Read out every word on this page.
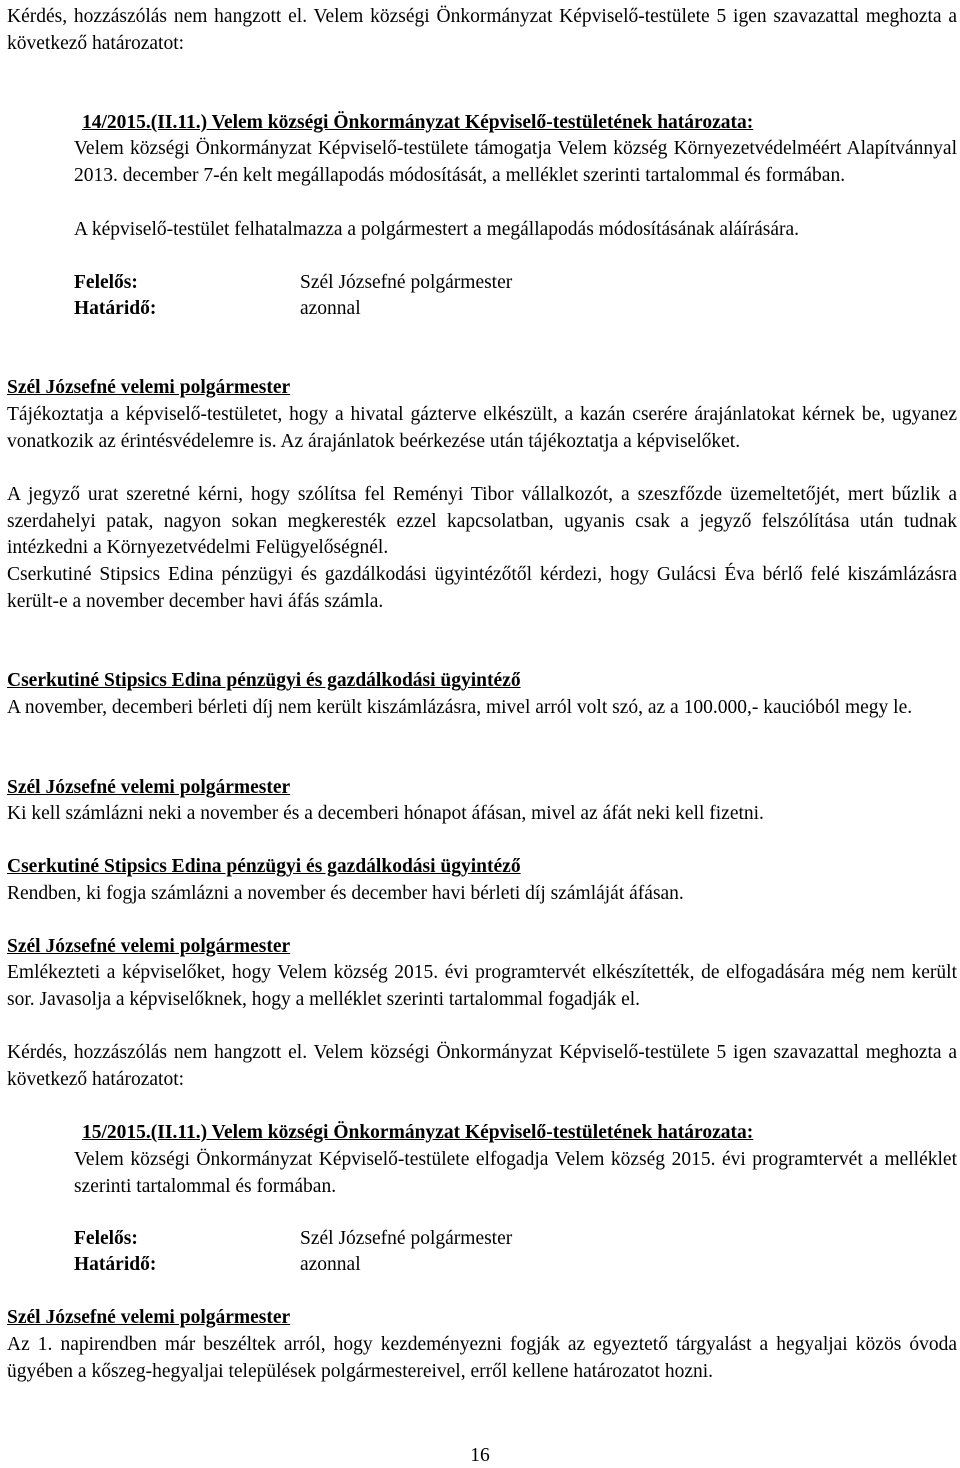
Kérdés, hozzászólás nem hangzott el. Velem községi Önkormányzat Képviselő-testülete 5 igen szavazattal meghozta a következő határozatot:

14/2015.(II.11.) Velem községi Önkormányzat Képviselő-testületének határozata:

Velem községi Önkormányzat Képviselő-testülete támogatja Velem község Környezetvédelméért Alapítvánnyal 2013. december 7-én kelt megállapodás módosítását, a melléklet szerinti tartalommal és formában.

A képviselő-testület felhatalmazza a polgármestert a megállapodás módosításának aláírására.

Felelős:	Szél Józsefné polgármester

Határidő:	azonnal

Szél Józsefné velemi polgármester

Tájékoztatja a képviselő-testületet, hogy a hivatal gázterve elkészült, a kazán cserére árajánlatokat kérnek be, ugyanez vonatkozik az érintésvédelemre is. Az árajánlatok beérkezése után tájékoztatja a képviselőket.

A jegyző urat szeretné kérni, hogy szólítsa fel Reményi Tibor vállalkozót, a szeszfőzde üzemeltetőjét, mert bűzlik a szerdahelyi patak, nagyon sokan megkeresték ezzel kapcsolatban, ugyanis csak a jegyző felszólítása után tudnak intézkedni a Környezetvédelmi Felügyelőségnél.

Cserkutiné Stipsics Edina pénzügyi és gazdálkodási ügyintézőtől kérdezi, hogy Gulácsi Éva bérlő felé kiszámlázásra került-e a november december havi áfás számla.

Cserkutiné Stipsics Edina pénzügyi és gazdálkodási ügyintéző

A november, decemberi bérleti díj nem került kiszámlázásra, mivel arról volt szó, az a 100.000,- kaucióból megy le.

Szél Józsefné velemi polgármester

Ki kell számlázni neki a november és a decemberi hónapot áfásan, mivel az áfát neki kell fizetni.

Cserkutiné Stipsics Edina pénzügyi és gazdálkodási ügyintéző

Rendben, ki fogja számlázni a november és december havi bérleti díj számláját áfásan.

Szél Józsefné velemi polgármester

Emlékezteti a képviselőket, hogy Velem község 2015. évi programtervét elkészítették, de elfogadására még nem került sor. Javasolja a képviselőknek, hogy a melléklet szerinti tartalommal fogadják el.

Kérdés, hozzászólás nem hangzott el. Velem községi Önkormányzat Képviselő-testülete 5 igen szavazattal meghozta a következő határozatot:

15/2015.(II.11.) Velem községi Önkormányzat Képviselő-testületének határozata:

Velem községi Önkormányzat Képviselő-testülete elfogadja Velem község 2015. évi programtervét a melléklet szerinti tartalommal és formában.

Felelős:	Szél Józsefné polgármester

Határidő:	azonnal

Szél Józsefné velemi polgármester

Az 1. napirendben már beszéltek arról, hogy kezdeményezni fogják az egyeztető tárgyalást a hegyaljai közös óvoda ügyében a kőszeg-hegyaljai települések polgármestereivel, erről kellene határozatot hozni.

16
